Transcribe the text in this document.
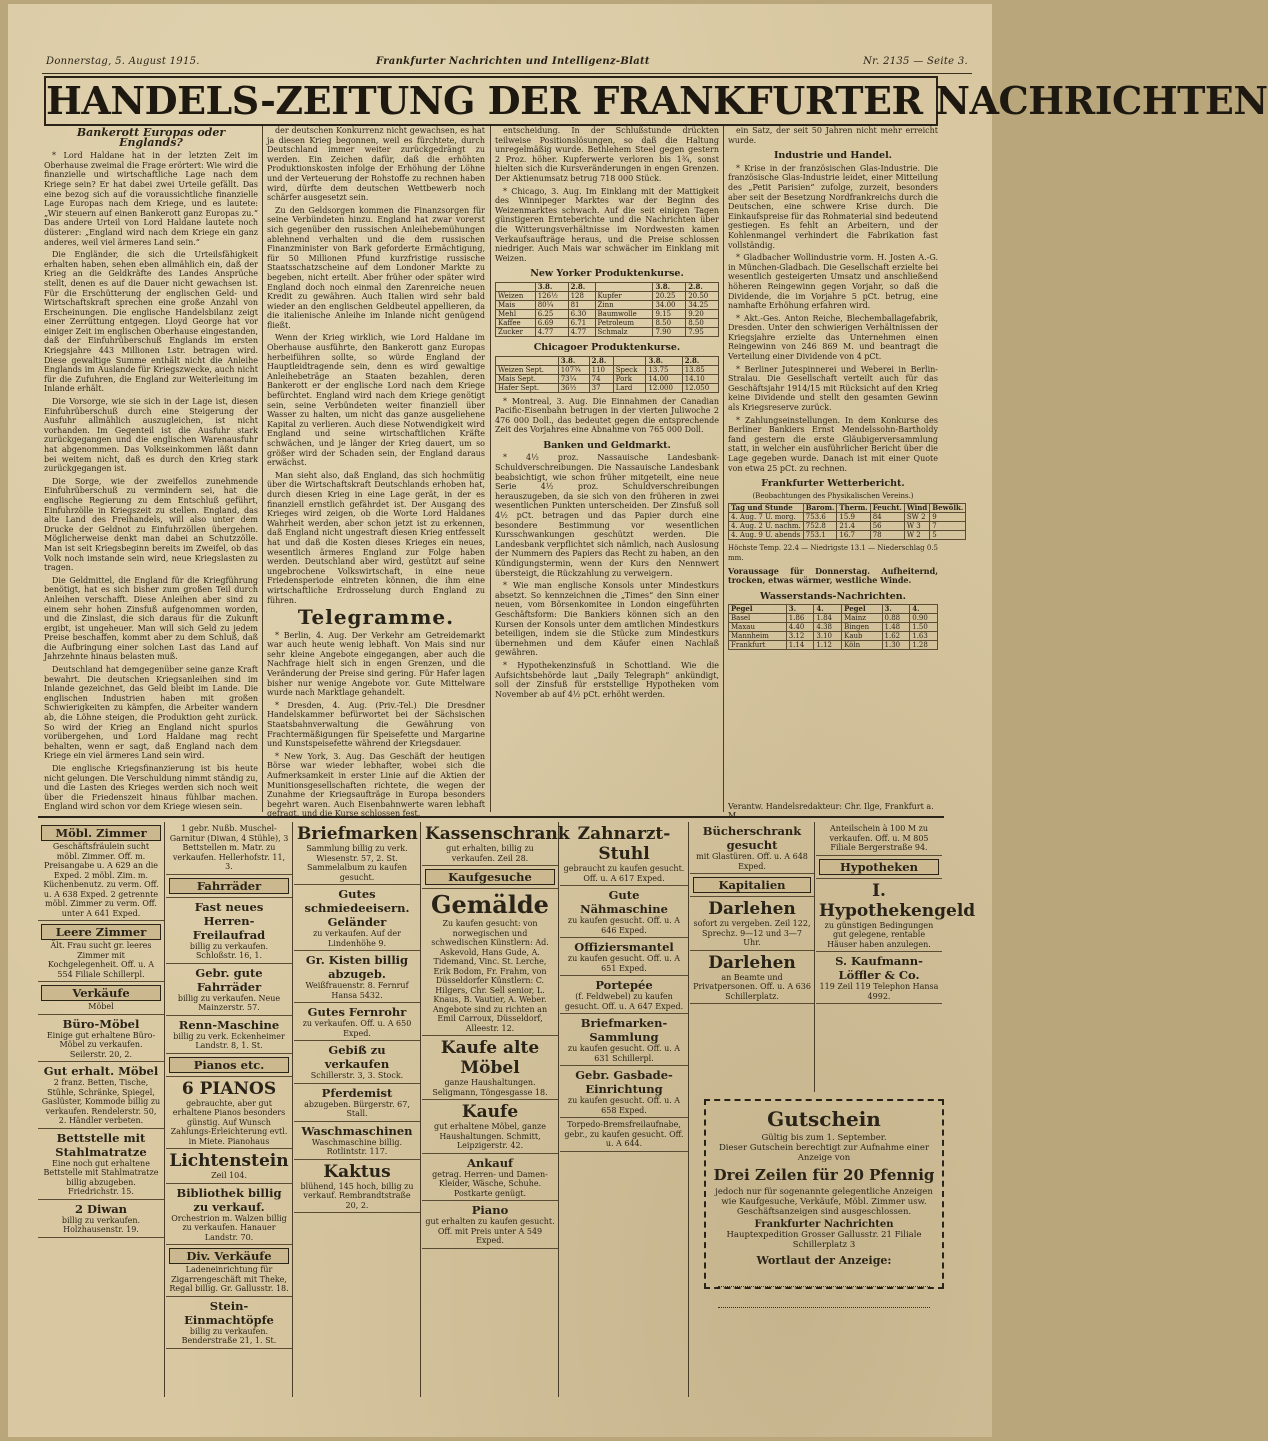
Donnerstag, 5. August 1915.	Frankfurter Nachrichten und Intelligenz-Blatt	Nr. 2135 — Seite 3.
HANDELS-ZEITUNG DER FRANKFURTER NACHRICHTEN
Bankerott Europas oder Englands?

* Lord Haldane hat in der letzten Zeit im Oberhause zweimal die Frage erörtert: Wie wird die finanzielle und wirtschaftliche Lage nach dem Kriege sein? Er hat dabei zwei Urteile gefällt. Das eine bezog sich auf die voraussichtliche finanzielle Lage Europas nach dem Kriege, und es lautete: „Wir steuern auf einen Bankerott ganz Europas zu.“ Das andere Urteil von Lord Haldane lautete noch düsterer: „England wird nach dem Kriege ein ganz anderes, weil viel ärmeres Land sein.“

Die Engländer, die sich die Urteilsfähigkeit erhalten haben, sehen eben allmählich ein, daß der Krieg an die Geldkräfte des Landes Ansprüche stellt, denen es auf die Dauer nicht gewachsen ist. Für die Erschütterung der englischen Geld- und Wirtschaftskraft sprechen eine große Anzahl von Erscheinungen. Die englische Handelsbilanz zeigt einer Zerrüttung entgegen. Lloyd George hat vor einiger Zeit im englischen Oberhause eingestanden, daß der Einfuhrüberschuß Englands im ersten Kriegsjahre 443 Millionen Lstr. betragen wird. Diese gewaltige Summe enthält nicht die Anleihe Englands im Auslande für Kriegszwecke, auch nicht für die Zufuhren, die England zur Weiterleitung im Inlande erhält.

Die Vorsorge, wie sie sich in der Lage ist, diesen Einfuhrüberschuß durch eine Steigerung der Ausfuhr allmählich auszugleichen, ist nicht vorhanden. Im Gegenteil ist die Ausfuhr stark zurückgegangen und die englischen Warenausfuhr hat abgenommen. Das Volkseinkommen läßt dann bei weitem nicht, daß es durch den Krieg stark zurückgegangen ist.

Die Sorge, wie der zweifellos zunehmende Einfuhrüberschuß zu vermindern sei, hat die englische Regierung zu dem Entschluß geführt, Einfuhrzölle in Kriegszeit zu stellen. England, das alte Land des Freihandels, will also unter dem Drucke der Geldnot zu Einfuhrzöllen übergehen. Möglicherweise denkt man dabei an Schutzzölle. Man ist seit Kriegsbeginn bereits im Zweifel, ob das Volk noch imstande sein wird, neue Kriegslasten zu tragen.

Die Geldmittel, die England für die Kriegführung benötigt, hat es sich bisher zum großen Teil durch Anleihen verschafft. Diese Anleihen aber sind zu einem sehr hohen Zinsfuß aufgenommen worden, und die Zinslast, die sich daraus für die Zukunft ergibt, ist ungeheuer. Man will sich Geld zu jedem Preise beschaffen, kommt aber zu dem Schluß, daß die Aufbringung einer solchen Last das Land auf Jahrzehnte hinaus belasten muß.

Deutschland hat demgegenüber seine ganze Kraft bewahrt. Die deutschen Kriegsanleihen sind im Inlande gezeichnet, das Geld bleibt im Lande. Die englischen Industrien haben mit großen Schwierigkeiten zu kämpfen, die Arbeiter wandern ab, die Löhne steigen, die Produktion geht zurück. So wird der Krieg an England nicht spurlos vorübergehen, und Lord Haldane mag recht behalten, wenn er sagt, daß England nach dem Kriege ein viel ärmeres Land sein wird.

Die englische Kriegsfinanzierung ist bis heute nicht gelungen. Die Verschuldung nimmt ständig zu, und die Lasten des Krieges werden sich noch weit über die Friedenszeit hinaus fühlbar machen. England wird schon vor dem Kriege wiesen sein.

der deutschen Konkurrenz nicht gewachsen, es hat ja diesen Krieg begonnen, weil es fürchtete, durch Deutschland immer weiter zurückgedrängt zu werden. Ein Zeichen dafür, daß die erhöhten Produktionskosten infolge der Erhöhung der Löhne und der Verteuerung der Rohstoffe zu rechnen haben wird, dürfte dem deutschen Wettbewerb noch schärfer ausgesetzt sein.

Zu den Geldsorgen kommen die Finanzsorgen für seine Verbündeten hinzu. England hat zwar vorerst sich gegenüber den russischen Anleihebemühungen ablehnend verhalten und die dem russischen Finanzminister von Bark geforderte Ermächtigung, für 50 Millionen Pfund kurzfristige russische Staatsschatzscheine auf dem Londoner Markte zu begeben, nicht erteilt. Aber früher oder später wird England doch noch einmal den Zarenreiche neuen Kredit zu gewähren. Auch Italien wird sehr bald wieder an den englischen Geldbeutel appellieren, da die italienische Anleihe im Inlande nicht genügend fließt.

Wenn der Krieg wirklich, wie Lord Haldane im Oberhause ausführte, den Bankerott ganz Europas herbeiführen sollte, so würde England der Hauptleidtragende sein, denn es wird gewaltige Anleihebeträge an Staaten bezahlen, deren Bankerott er der englische Lord nach dem Kriege befürchtet. England wird nach dem Kriege genötigt sein, seine Verbündeten weiter finanziell über Wasser zu halten, um nicht das ganze ausgeliehene Kapital zu verlieren. Auch diese Notwendigkeit wird England und seine wirtschaftlichen Kräfte schwächen, und je länger der Krieg dauert, um so größer wird der Schaden sein, der England daraus erwächst.

Man sieht also, daß England, das sich hochmütig über die Wirtschaftskraft Deutschlands erhoben hat, durch diesen Krieg in eine Lage gerät, in der es finanziell ernstlich gefährdet ist. Der Ausgang des Krieges wird zeigen, ob die Worte Lord Haldanes Wahrheit werden, aber schon jetzt ist zu erkennen, daß England nicht ungestraft diesen Krieg entfesselt hat und daß die Kosten dieses Krieges ein neues, wesentlich ärmeres England zur Folge haben werden. Deutschland aber wird, gestützt auf seine ungebrochene Volkswirtschaft, in eine neue Friedensperiode eintreten können, die ihm eine wirtschaftliche Erdrosselung durch England zu führen.

Telegramme.

* Berlin, 4. Aug. Der Verkehr am Getreidemarkt war auch heute wenig lebhaft. Von Mais sind nur sehr kleine Angebote eingegangen, aber auch die Nachfrage hielt sich in engen Grenzen, und die Veränderung der Preise sind gering. Für Hafer lagen bisher nur wenige Angebote vor. Gute Mittelware wurde nach Marktlage gehandelt.

* Dresden, 4. Aug. (Priv.-Tel.) Die Dresdner Handelskammer befürwortet bei der Sächsischen Staatsbahnverwaltung die Gewährung von Frachtermäßigungen für Speisefette und Margarine und Kunstspeisefette während der Kriegsdauer.

* New York, 3. Aug. Das Geschäft der heutigen Börse war wieder lebhafter, wobei sich die Aufmerksamkeit in erster Linie auf die Aktien der Munitionsgesellschaften richtete, die wegen der Zunahme der Kriegsaufträge in Europa besonders begehrt waren. Auch Eisenbahnwerte waren lebhaft gefragt, und die Kurse schlossen fest.

entscheidung. In der Schlußstunde drückten teilweise Positionslösungen, so daß die Haltung unregelmäßig wurde. Bethlehem Steel gegen gestern 2 Proz. höher. Kupferwerte verloren bis 1¾, sonst hielten sich die Kursveränderungen in engen Grenzen. Der Aktienumsatz betrug 718 000 Stück.

* Chicago, 3. Aug. Im Einklang mit der Mattigkeit des Winnipeger Marktes war der Beginn des Weizenmarktes schwach. Auf die seit einigen Tagen günstigeren Ernteberichte und die Nachrichten über die Witterungsverhältnisse im Nordwesten kamen Verkaufsaufträge heraus, und die Preise schlossen niedriger. Auch Mais war schwächer im Einklang mit Weizen.

New Yorker Produktenkurse.
	3.8.	2.8.		3.8.	2.8.
Weizen	126½	128	Kupfer	20.25	20.50
Mais	80¼	81	Zinn	34.00	34.25
Mehl	6.25	6.30	Baumwolle	9.15	9.20
Kaffee	6.69	6.71	Petroleum	8.50	8.50
Zucker	4.77	4.77	Schmalz	7.90	7.95
Chicagoer Produktenkurse.
	3.8.	2.8.		3.8.	2.8.
Weizen Sept.	107¾	110	Speck	13.75	13.85
Mais Sept.	73¼	74	Pork	14.00	14.10
Hafer Sept.	36½	37	Lard	12.000	12.050

* Montreal, 3. Aug. Die Einnahmen der Canadian Pacific-Eisenbahn betrugen in der vierten Juliwoche 2 476 000 Doll., das bedeutet gegen die entsprechende Zeit des Vorjahres eine Abnahme von 765 000 Doll.

Banken und Geldmarkt.

* 4½ proz. Nassauische Landesbank-Schuldverschreibungen. Die Nassauische Landesbank beabsichtigt, wie schon früher mitgeteilt, eine neue Serie 4½ proz. Schuldverschreibungen herauszugeben, da sie sich von den früheren in zwei wesentlichen Punkten unterscheiden. Der Zinsfuß soll 4½ pCt. betragen und das Papier durch eine besondere Bestimmung vor wesentlichen Kursschwankungen geschützt werden. Die Landesbank verpflichtet sich nämlich, nach Auslosung der Nummern des Papiers das Recht zu haben, an den Kündigungstermin, wenn der Kurs den Nennwert übersteigt, die Rückzahlung zu verweigern.

* Wie man englische Konsols unter Mindestkurs absetzt. So kennzeichnen die „Times“ den Sinn einer neuen, vom Börsenkomitee in London eingeführten Geschäftsform: Die Bankiers können sich an den Kursen der Konsols unter dem amtlichen Mindestkurs beteiligen, indem sie die Stücke zum Mindestkurs übernehmen und dem Käufer einen Nachlaß gewähren.

* Hypothekenzinsfuß in Schottland. Wie die Aufsichtsbehörde laut „Daily Telegraph“ ankündigt, soll der Zinsfuß für erststellige Hypotheken vom November ab auf 4½ pCt. erhöht werden.

ein Satz, der seit 50 Jahren nicht mehr erreicht wurde.

Industrie und Handel.

* Krise in der französischen Glas-Industrie. Die französische Glas-Industrie leidet, einer Mitteilung des „Petit Parisien“ zufolge, zurzeit, besonders aber seit der Besetzung Nordfrankreichs durch die Deutschen, eine schwere Krise durch. Die Einkaufspreise für das Rohmaterial sind bedeutend gestiegen. Es fehlt an Arbeitern, und der Kohlenmangel verhindert die Fabrikation fast vollständig.

* Gladbacher Wollindustrie vorm. H. Josten A.-G. in München-Gladbach. Die Gesellschaft erzielte bei wesentlich gesteigerten Umsatz und anschließend höheren Reingewinn gegen Vorjahr, so daß die Dividende, die im Vorjahre 5 pCt. betrug, eine namhafte Erhöhung erfahren wird.

* Akt.-Ges. Anton Reiche, Blechemballagefabrik, Dresden. Unter den schwierigen Verhältnissen der Kriegsjahre erzielte das Unternehmen einen Reingewinn von 246 869 M. und beantragt die Verteilung einer Dividende von 4 pCt.

* Berliner Jutespinnerei und Weberei in Berlin-Stralau. Die Gesellschaft verteilt auch für das Geschäftsjahr 1914/15 mit Rücksicht auf den Krieg keine Dividende und stellt den gesamten Gewinn als Kriegsreserve zurück.

* Zahlungseinstellungen. In dem Konkurse des Berliner Bankiers Ernst Mendelssohn-Bartholdy fand gestern die erste Gläubigerversammlung statt, in welcher ein ausführlicher Bericht über die Lage gegeben wurde. Danach ist mit einer Quote von etwa 25 pCt. zu rechnen.

Frankfurter Wetterbericht.
(Beobachtungen des Physikalischen Vereins.)
Tag und Stunde	Barom.	Therm.	Feucht.	Wind	Bewölk.
4. Aug. 7 U. morg.	753.6	15.9	84	SW 2	9
4. Aug. 2 U. nachm.	752.8	21.4	56	W 3	7
4. Aug. 9 U. abends	753.1	16.7	78	W 2	5

Höchste Temp. 22.4 — Niedrigste 13.1 — Niederschlag 0.5 mm.

Voraussage für Donnerstag. Aufheiternd, trocken, etwas wärmer, westliche Winde.

Wasserstands-Nachrichten.
Pegel	3.	4.	Pegel	3.	4.
Basel	1.86	1.84	Mainz	0.88	0.90
Maxau	4.40	4.38	Bingen	1.48	1.50
Mannheim	3.12	3.10	Kaub	1.62	1.63
Frankfurt	1.14	1.12	Köln	1.30	1.28
Verantw. Handelsredakteur: Chr. Ilge, Frankfurt a. M.
Möbl. Zimmer
Geschäftsfräulein sucht möbl. Zimmer. Off. m. Preisangabe u. A 629 an die Exped. 2 möbl. Zim. m. Küchenbenutz. zu verm. Off. u. A 638 Exped. 2 getrennte möbl. Zimmer zu verm. Off. unter A 641 Exped.
Leere Zimmer
Ält. Frau sucht gr. leeres Zimmer mit Kochgelegenheit. Off. u. A 554 Filiale Schillerpl.
Verkäufe
Möbel
Büro-Möbel
Einige gut erhaltene Büro-Möbel zu verkaufen. Seilerstr. 20, 2.
Gut erhalt. Möbel
2 franz. Betten, Tische, Stühle, Schränke, Spiegel, Gaslüster, Kommode billig zu verkaufen. Rendelerstr. 50, 2. Händler verbeten.
Bettstelle mit Stahlmatratze
Eine noch gut erhaltene Bettstelle mit Stahlmatratze billig abzugeben. Friedrichstr. 15.
2 Diwan
billig zu verkaufen. Holzhausenstr. 19.
1 gebr. Nußb. Muschel-Garnitur (Diwan, 4 Stühle), 3 Bettstellen m. Matr. zu verkaufen. Hellerhofstr. 11, 3.
Fahrräder
Fast neues Herren-Freilaufrad
billig zu verkaufen. Schloßstr. 16, 1.
Gebr. gute Fahrräder
billig zu verkaufen. Neue Mainzerstr. 57.
Renn-Maschine
billig zu verk. Eckenheimer Landstr. 8, 1. St.
Pianos etc.
6 PIANOS
gebrauchte, aber gut erhaltene Pianos besonders günstig. Auf Wunsch Zahlungs-Erleichterung evtl. in Miete. Pianohaus
Lichtenstein
Zeil 104.
Bibliothek billig zu verkauf.
Orchestrion m. Walzen billig zu verkaufen. Hanauer Landstr. 70.
Div. Verkäufe
Ladeneinrichtung für Zigarrengeschäft mit Theke, Regal billig. Gr. Gallusstr. 18.
Stein-Einmachtöpfe
billig zu verkaufen. Benderstraße 21, 1. St.
Briefmarken
Sammlung billig zu verk. Wiesenstr. 57, 2. St. Sammelalbum zu kaufen gesucht.
Gutes schmiedeeisern. Geländer
zu verkaufen. Auf der Lindenhöhe 9.
Gr. Kisten billig abzugeb.
Weißfrauenstr. 8. Fernruf Hansa 5432.
Gutes Fernrohr
zu verkaufen. Off. u. A 650 Exped.
Gebiß zu verkaufen
Schillerstr. 3, 3. Stock.
Pferdemist
abzugeben. Bürgerstr. 67, Stall.
Waschmaschinen
Waschmaschine billig. Rotlintstr. 117.
Kaktus
blühend, 145 hoch, billig zu verkauf. Rembrandtstraße 20, 2.
Kassenschrank
gut erhalten, billig zu verkaufen. Zeil 28.
Kaufgesuche
Gemälde
Zu kaufen gesucht: von norwegischen und schwedischen Künstlern: Ad. Askevold, Hans Gude, A. Tidemand, Vinc. St. Lerche, Erik Bodom, Fr. Frahm, von Düsseldorfer Künstlern: C. Hilgers, Chr. Sell senior, L. Knaus, B. Vautier, A. Weber. Angebote sind zu richten an Emil Carroux, Düsseldorf, Alleestr. 12.
Kaufe alte Möbel
ganze Haushaltungen. Seligmann, Töngesgasse 18.
Kaufe
gut erhaltene Möbel, ganze Haushaltungen. Schmitt, Leipzigerstr. 42.
Ankauf
getrag. Herren- und Damen-Kleider, Wäsche, Schuhe. Postkarte genügt.
Piano
gut erhalten zu kaufen gesucht. Off. mit Preis unter A 549 Exped.
Zahnarzt-Stuhl
gebraucht zu kaufen gesucht. Off. u. A 617 Exped.
Gute Nähmaschine
zu kaufen gesucht. Off. u. A 646 Exped.
Offiziersmantel
zu kaufen gesucht. Off. u. A 651 Exped.
Portepée
(f. Feldwebel) zu kaufen gesucht. Off. u. A 647 Exped.
Briefmarken-Sammlung
zu kaufen gesucht. Off. u. A 631 Schillerpl.
Gebr. Gasbade-Einrichtung
zu kaufen gesucht. Off. u. A 658 Exped.
Torpedo-Bremsfreilaufnabe, gebr., zu kaufen gesucht. Off. u. A 644.
Bücherschrank gesucht
mit Glastüren. Off. u. A 648 Exped.
Kapitalien
Darlehen
sofort zu vergeben. Zeil 122, Sprechz. 9—12 und 3—7 Uhr.
Darlehen
an Beamte und Privatpersonen. Off. u. A 636 Schillerplatz.
Anteilschein à 100 M zu verkaufen. Off. u. M 805 Filiale Bergerstraße 94.
Hypotheken
I. Hypothekengeld
zu günstigen Bedingungen gut gelegene, rentable Häuser haben anzulegen.
S. Kaufmann-Löffler & Co.
119 Zeil 119 Telephon Hansa 4992.
Gutschein
Gültig bis zum 1. September.
Dieser Gutschein berechtigt zur Aufnahme einer Anzeige von
Drei Zeilen für 20 Pfennig
jedoch nur für sogenannte gelegentliche Anzeigen wie Kaufgesuche, Verkäufe, Möbl. Zimmer usw. Geschäftsanzeigen sind ausgeschlossen.
Frankfurter Nachrichten
Hauptexpedition Grosser Gallusstr. 21 Filiale Schillerplatz 3
Wortlaut der Anzeige:
